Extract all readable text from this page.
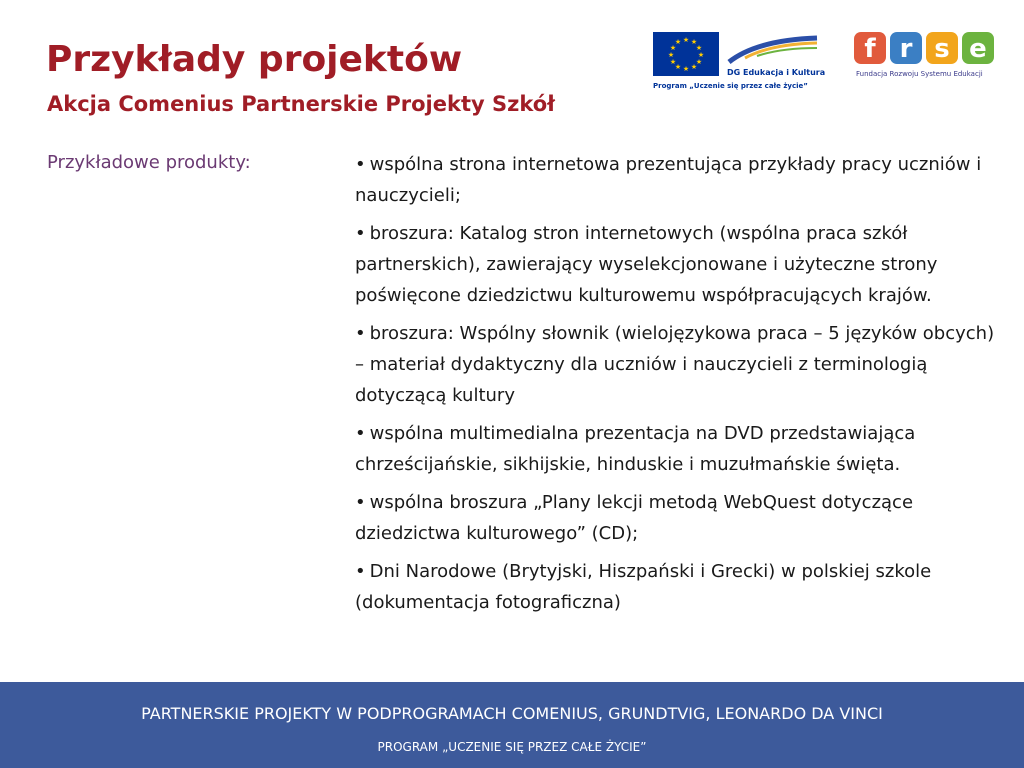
Przykłady projektów
Akcja Comenius Partnerskie Projekty Szkół
★ ★
★
★
★
★
★
★
★
★
★
★
DG Edukacja i Kultura
Program „Uczenie się przez całe życie”
f r s e
Fundacja Rozwoju Systemu Edukacji
Przykładowe produkty:	• wspólna strona internetowa prezentująca przykłady pracy uczniów i nauczycieli;
• broszura: Katalog stron internetowych (wspólna praca szkół partnerskich), zawierający wyselekcjonowane i użyteczne strony poświęcone dziedzictwu kulturowemu współpracujących krajów.
• broszura: Wspólny słownik (wielojęzykowa praca – 5 języków obcych) – materiał dydaktyczny dla uczniów i nauczycieli z terminologią dotyczącą kultury
• wspólna multimedialna prezentacja na DVD przedstawiająca chrześcijańskie, sikhijskie, hinduskie i muzułmańskie święta.
• wspólna broszura „Plany lekcji metodą WebQuest dotyczące dziedzictwa kulturowego” (CD);
• Dni Narodowe (Brytyjski, Hiszpański i Grecki) w polskiej szkole (dokumentacja fotograficzna)
PARTNERSKIE PROJEKTY W PODPROGRAMACH COMENIUS, GRUNDTVIG, LEONARDO DA VINCI
PROGRAM „UCZENIE SIĘ PRZEZ CAŁE ŻYCIE”
